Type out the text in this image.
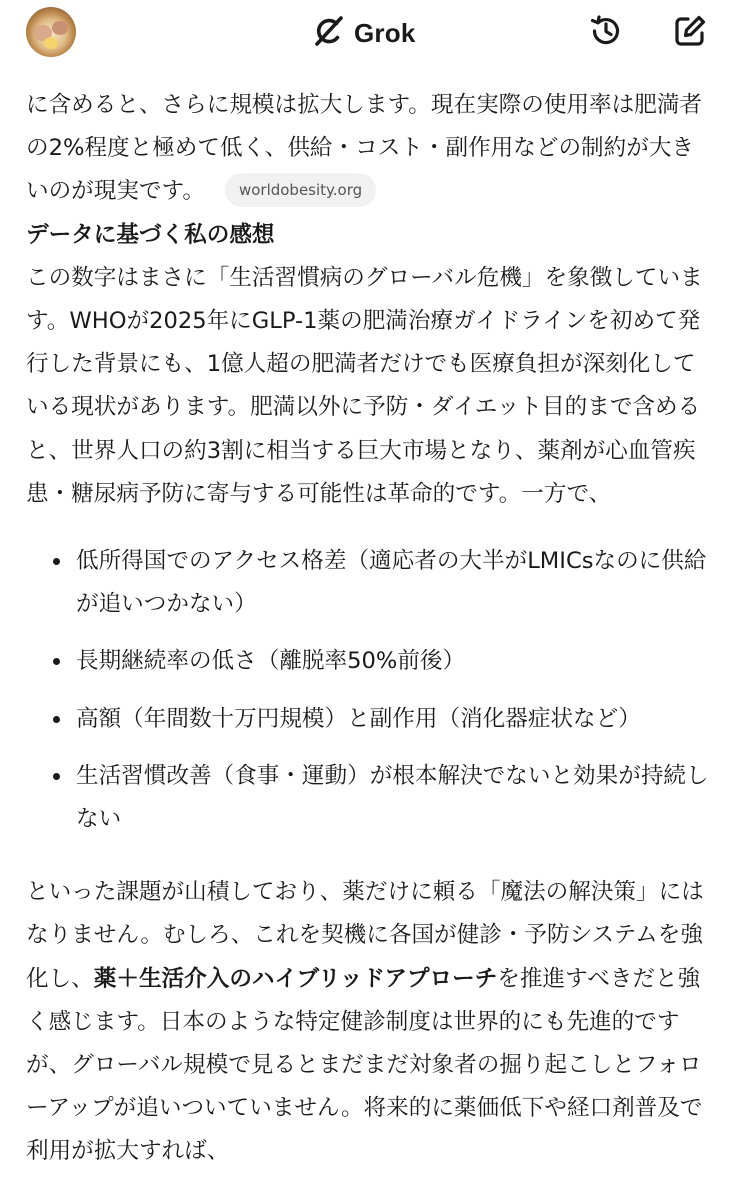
Grok

に含めると、さらに規模は拡大します。現在実際の使用率は肥満者の2%程度と極めて低く、供給・コスト・副作用などの制約が大きいのが現実です。 worldobesity.org

データに基づく私の感想

この数字はまさに「生活習慣病のグローバル危機」を象徴しています。WHOが2025年にGLP-1薬の肥満治療ガイドラインを初めて発行した背景にも、1億人超の肥満者だけでも医療負担が深刻化している現状があります。肥満以外に予防・ダイエット目的まで含めると、世界人口の約3割に相当する巨大市場となり、薬剤が心血管疾患・糖尿病予防に寄与する可能性は革命的です。一方で、

低所得国でのアクセス格差（適応者の大半がLMICsなのに供給が追いつかない）
長期継続率の低さ（離脱率50%前後）
高額（年間数十万円規模）と副作用（消化器症状など）
生活習慣改善（食事・運動）が根本解決でないと効果が持続しない

といった課題が山積しており、薬だけに頼る「魔法の解決策」にはなりません。むしろ、これを契機に各国が健診・予防システムを強化し、薬＋生活介入のハイブリッドアプローチを推進すべきだと強く感じます。日本のような特定健診制度は世界的にも先進的ですが、グローバル規模で見るとまだまだ対象者の掘り起こしとフォローアップが追いついていません。将来的に薬価低下や経口剤普及で利用が拡大すれば、
